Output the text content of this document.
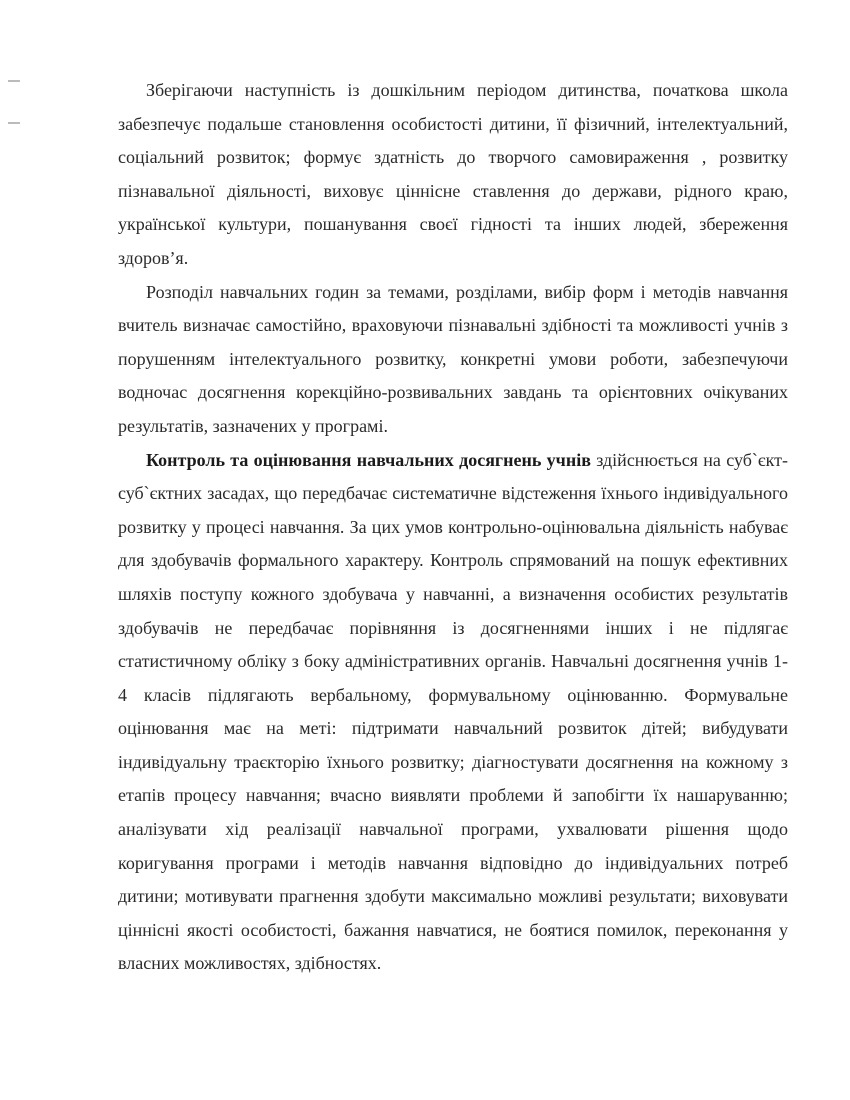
Зберігаючи наступність із дошкільним періодом дитинства, початкова школа забезпечує подальше становлення особистості дитини, її фізичний, інтелектуальний, соціальний розвиток; формує здатність до творчого самовираження , розвитку пізнавальної діяльності, виховує ціннісне ставлення до держави, рідного краю, української культури, пошанування своєї гідності та інших людей, збереження здоров’я.

Розподіл навчальних годин за темами, розділами, вибір форм і методів навчання вчитель визначає самостійно, враховуючи пізнавальні здібності та можливості учнів з порушенням інтелектуального розвитку, конкретні умови роботи, забезпечуючи водночас досягнення корекційно-розвивальних завдань та орієнтовних очікуваних результатів, зазначених у програмі.

Контроль та оцінювання навчальних досягнень учнів здійснюється на суб`єкт-суб`єктних засадах, що передбачає систематичне відстеження їхнього індивідуального розвитку у процесі навчання. За цих умов контрольно-оцінювальна діяльність набуває для здобувачів формального характеру. Контроль спрямований на пошук ефективних шляхів поступу кожного здобувача у навчанні, а визначення особистих результатів здобувачів не передбачає порівняння із досягненнями інших і не підлягає статистичному обліку з боку адміністративних органів. Навчальні досягнення учнів 1- 4 класів підлягають вербальному, формувальному оцінюванню. Формувальне оцінювання має на меті: підтримати навчальний розвиток дітей; вибудувати індивідуальну траєкторію їхнього розвитку; діагностувати досягнення на кожному з етапів процесу навчання; вчасно виявляти проблеми й запобігти їх нашаруванню; аналізувати хід реалізації навчальної програми, ухвалювати рішення щодо коригування програми і методів навчання відповідно до індивідуальних потреб дитини; мотивувати прагнення здобути максимально можливі результати; виховувати ціннісні якості особистості, бажання навчатися, не боятися помилок, переконання у власних можливостях, здібностях.
